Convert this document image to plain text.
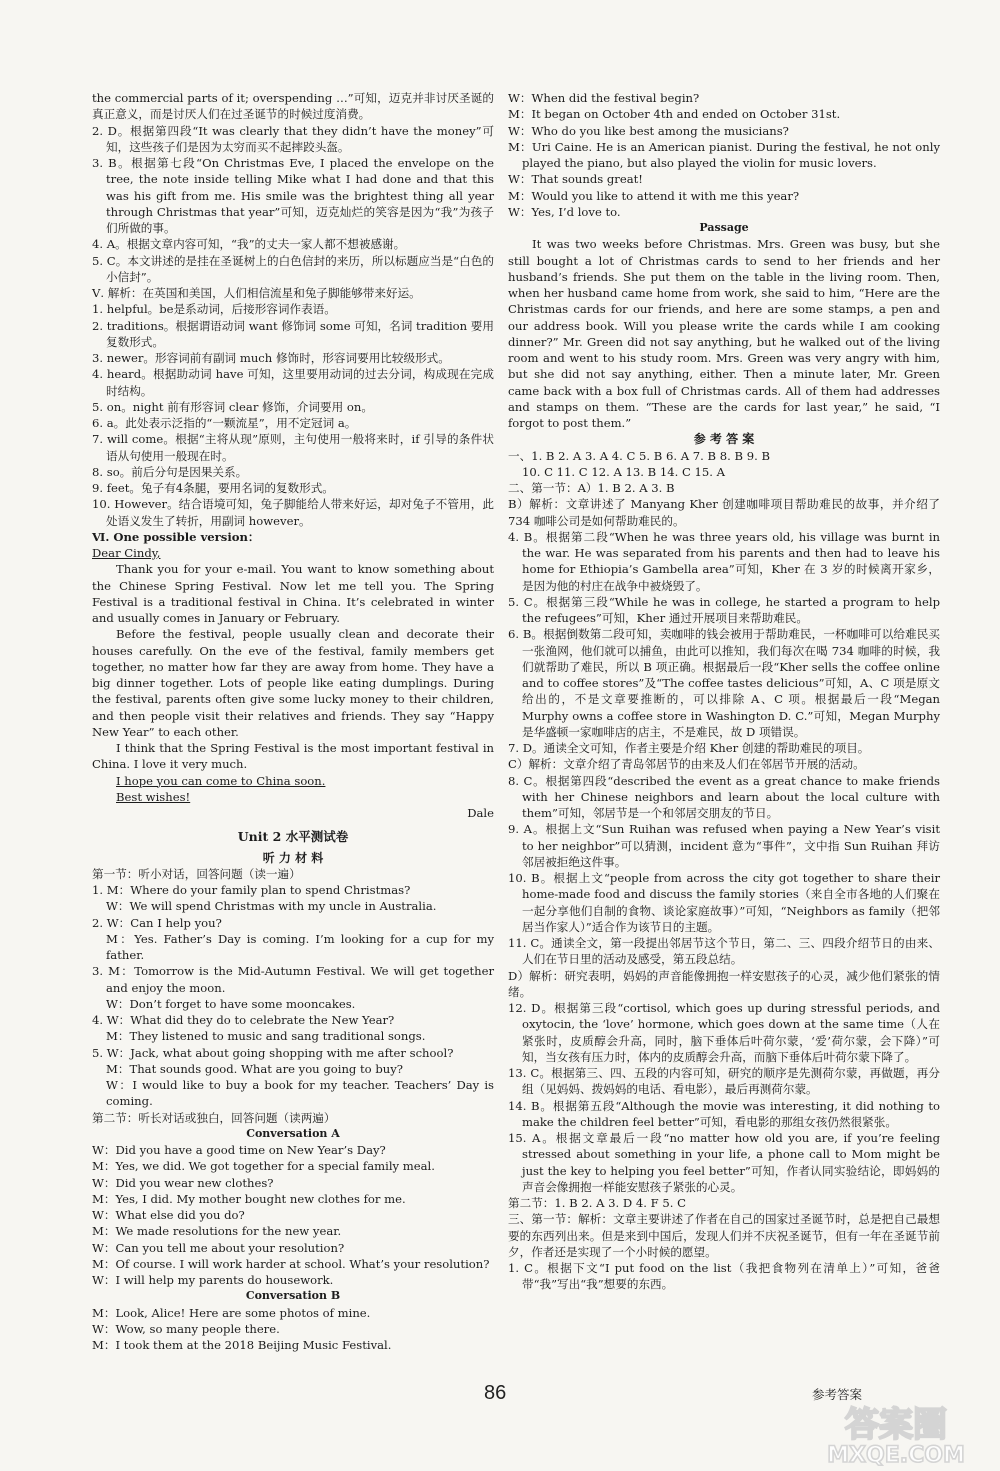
the commercial parts of it; overspending …”可知，迈克并非讨厌圣诞的真正意义，而是讨厌人们在过圣诞节的时候过度消费。
2. D。根据第四段“It was clearly that they didn’t have the money”可知，这些孩子们是因为太穷而买不起摔跤头盔。
3. B。根据第七段“On Christmas Eve, I placed the envelope on the tree, the note inside telling Mike what I had done and that this was his gift from me. His smile was the brightest thing all year through Christmas that year”可知，迈克灿烂的笑容是因为“我”为孩子们所做的事。
4. A。根据文章内容可知，“我”的丈夫一家人都不想被感谢。
5. C。本文讲述的是挂在圣诞树上的白色信封的来历，所以标题应当是“白色的小信封”。
Ⅴ. 解析：在英国和美国，人们相信流星和兔子脚能够带来好运。
1. helpful。be是系动词，后接形容词作表语。
2. traditions。根据谓语动词 want 修饰词 some 可知，名词 tradition 要用复数形式。
3. newer。形容词前有副词 much 修饰时，形容词要用比较级形式。
4. heard。根据助动词 have 可知，这里要用动词的过去分词，构成现在完成时结构。
5. on。night 前有形容词 clear 修饰，介词要用 on。
6. a。此处表示泛指的“一颗流星”，用不定冠词 a。
7. will come。根据“主将从现”原则，主句使用一般将来时，if 引导的条件状语从句使用一般现在时。
8. so。前后分句是因果关系。
9. feet。兔子有4条腿，要用名词的复数形式。
10. However。结合语境可知，兔子脚能给人带来好运，却对兔子不管用，此处语义发生了转折，用副词 however。
Ⅵ. One possible version：
Dear Cindy,
Thank you for your e-mail. You want to know something about the Chinese Spring Festival. Now let me tell you. The Spring Festival is a traditional festival in China. It’s celebrated in winter and usually comes in January or February.
Before the festival, people usually clean and decorate their houses carefully. On the eve of the festival, family members get together, no matter how far they are away from home. They have a big dinner together. Lots of people like eating dumplings. During the festival, parents often give some lucky money to their children, and then people visit their relatives and friends. They say “Happy New Year” to each other.
I think that the Spring Festival is the most important festival in China. I love it very much.
I hope you can come to China soon.
Best wishes!
Dale
Unit 2 水平测试卷
听 力 材 料
第一节：听小对话，回答问题（读一遍）
1. M：Where do your family plan to spend Christmas?
W：We will spend Christmas with my uncle in Australia.
2. W：Can I help you?
M：Yes. Father’s Day is coming. I’m looking for a cup for my father.
3. M：Tomorrow is the Mid-Autumn Festival. We will get together and enjoy the moon.
W：Don’t forget to have some mooncakes.
4. W：What did they do to celebrate the New Year?
M：They listened to music and sang traditional songs.
5. W：Jack, what about going shopping with me after school?
M：That sounds good. What are you going to buy?
W：I would like to buy a book for my teacher. Teachers’ Day is coming.
第二节：听长对话或独白，回答问题（读两遍）
Conversation A
W：Did you have a good time on New Year’s Day?
M：Yes, we did. We got together for a special family meal.
W：Did you wear new clothes?
M：Yes, I did. My mother bought new clothes for me.
W：What else did you do?
M：We made resolutions for the new year.
W：Can you tell me about your resolution?
M：Of course. I will work harder at school. What’s your resolution?
W：I will help my parents do housework.
Conversation B
M：Look, Alice! Here are some photos of mine.
W：Wow, so many people there.
M：I took them at the 2018 Beijing Music Festival.
W：When did the festival begin?
M：It began on October 4th and ended on October 31st.
W：Who do you like best among the musicians?
M：Uri Caine. He is an American pianist. During the festival, he not only played the piano, but also played the violin for music lovers.
W：That sounds great!
M：Would you like to attend it with me this year?
W：Yes, I’d love to.
Passage
It was two weeks before Christmas. Mrs. Green was busy, but she still bought a lot of Christmas cards to send to her friends and her husband’s friends. She put them on the table in the living room. Then, when her husband came home from work, she said to him, “Here are the Christmas cards for our friends, and here are some stamps, a pen and our address book. Will you please write the cards while I am cooking dinner?” Mr. Green did not say anything, but he walked out of the living room and went to his study room. Mrs. Green was very angry with him, but she did not say anything, either. Then a minute later, Mr. Green came back with a box full of Christmas cards. All of them had addresses and stamps on them. “These are the cards for last year,” he said, “I forgot to post them.”
参 考 答 案
一、1. B 2. A 3. A 4. C 5. B 6. A 7. B 8. B 9. B
10. C 11. C 12. A 13. B 14. C 15. A
二、第一节：A）1. B 2. A 3. B
B）解析：文章讲述了 Manyang Kher 创建咖啡项目帮助难民的故事，并介绍了 734 咖啡公司是如何帮助难民的。
4. B。根据第二段“When he was three years old, his village was burnt in the war. He was separated from his parents and then had to leave his home for Ethiopia’s Gambella area”可知，Kher 在 3 岁的时候离开家乡，是因为他的村庄在战争中被烧毁了。
5. C。根据第三段“While he was in college, he started a program to help the refugees”可知，Kher 通过开展项目来帮助难民。
6. B。根据倒数第二段可知，卖咖啡的钱会被用于帮助难民，一杯咖啡可以给难民买一张渔网，他们就可以捕鱼，由此可以推知，我们每次在喝 734 咖啡的时候，我们就帮助了难民，所以 B 项正确。根据最后一段“Kher sells the coffee online and to coffee stores”及“The coffee tastes delicious”可知，A、C 项是原文给出的，不是文章要推断的，可以排除 A、C 项。根据最后一段“Megan Murphy owns a coffee store in Washington D. C.”可知，Megan Murphy 是华盛顿一家咖啡店的店主，不是难民，故 D 项错误。
7. D。通读全文可知，作者主要是介绍 Kher 创建的帮助难民的项目。
C）解析：文章介绍了青岛邻居节的由来及人们在邻居节开展的活动。
8. C。根据第四段“described the event as a great chance to make friends with her Chinese neighbors and learn about the local culture with them”可知，邻居节是一个和邻居交朋友的节日。
9. A。根据上文“Sun Ruihan was refused when paying a New Year’s visit to her neighbor”可以猜测，incident 意为“事件”，文中指 Sun Ruihan 拜访邻居被拒绝这件事。
10. B。根据上文“people from across the city got together to share their home-made food and discuss the family stories（来自全市各地的人们聚在一起分享他们自制的食物、谈论家庭故事）”可知，“Neighbors as family（把邻居当作家人）”适合作为该节日的主题。
11. C。通读全文，第一段提出邻居节这个节日，第二、三、四段介绍节日的由来、人们在节日里的活动及感受，第五段总结。
D）解析：研究表明，妈妈的声音能像拥抱一样安慰孩子的心灵，减少他们紧张的情绪。
12. D。根据第三段“cortisol, which goes up during stressful periods, and oxytocin, the ‘love’ hormone, which goes down at the same time（人在紧张时，皮质醇会升高，同时，脑下垂体后叶荷尔蒙，‘爱’荷尔蒙，会下降）”可知，当女孩有压力时，体内的皮质醇会升高，而脑下垂体后叶荷尔蒙下降了。
13. C。根据第三、四、五段的内容可知，研究的顺序是先测荷尔蒙，再做题，再分组（见妈妈、拨妈妈的电话、看电影），最后再测荷尔蒙。
14. B。根据第五段“Although the movie was interesting, it did nothing to make the children feel better”可知，看电影的那组女孩仍然很紧张。
15. A。根据文章最后一段“no matter how old you are, if you’re feeling stressed about something in your life, a phone call to Mom might be just the key to helping you feel better”可知，作者认同实验结论，即妈妈的声音会像拥抱一样能安慰孩子紧张的心灵。
第二节：1. B 2. A 3. D 4. F 5. C
三、第一节：解析：文章主要讲述了作者在自己的国家过圣诞节时，总是把自己最想要的东西列出来。但是来到中国后，发现人们并不庆祝圣诞节，但有一年在圣诞节前夕，作者还是实现了一个小时候的愿望。
1. C。根据下文“I put food on the list（我把食物列在清单上）”可知，爸爸带“我”写出“我”想要的东西。
86	参考答案
答案圈
MXQE.COM
